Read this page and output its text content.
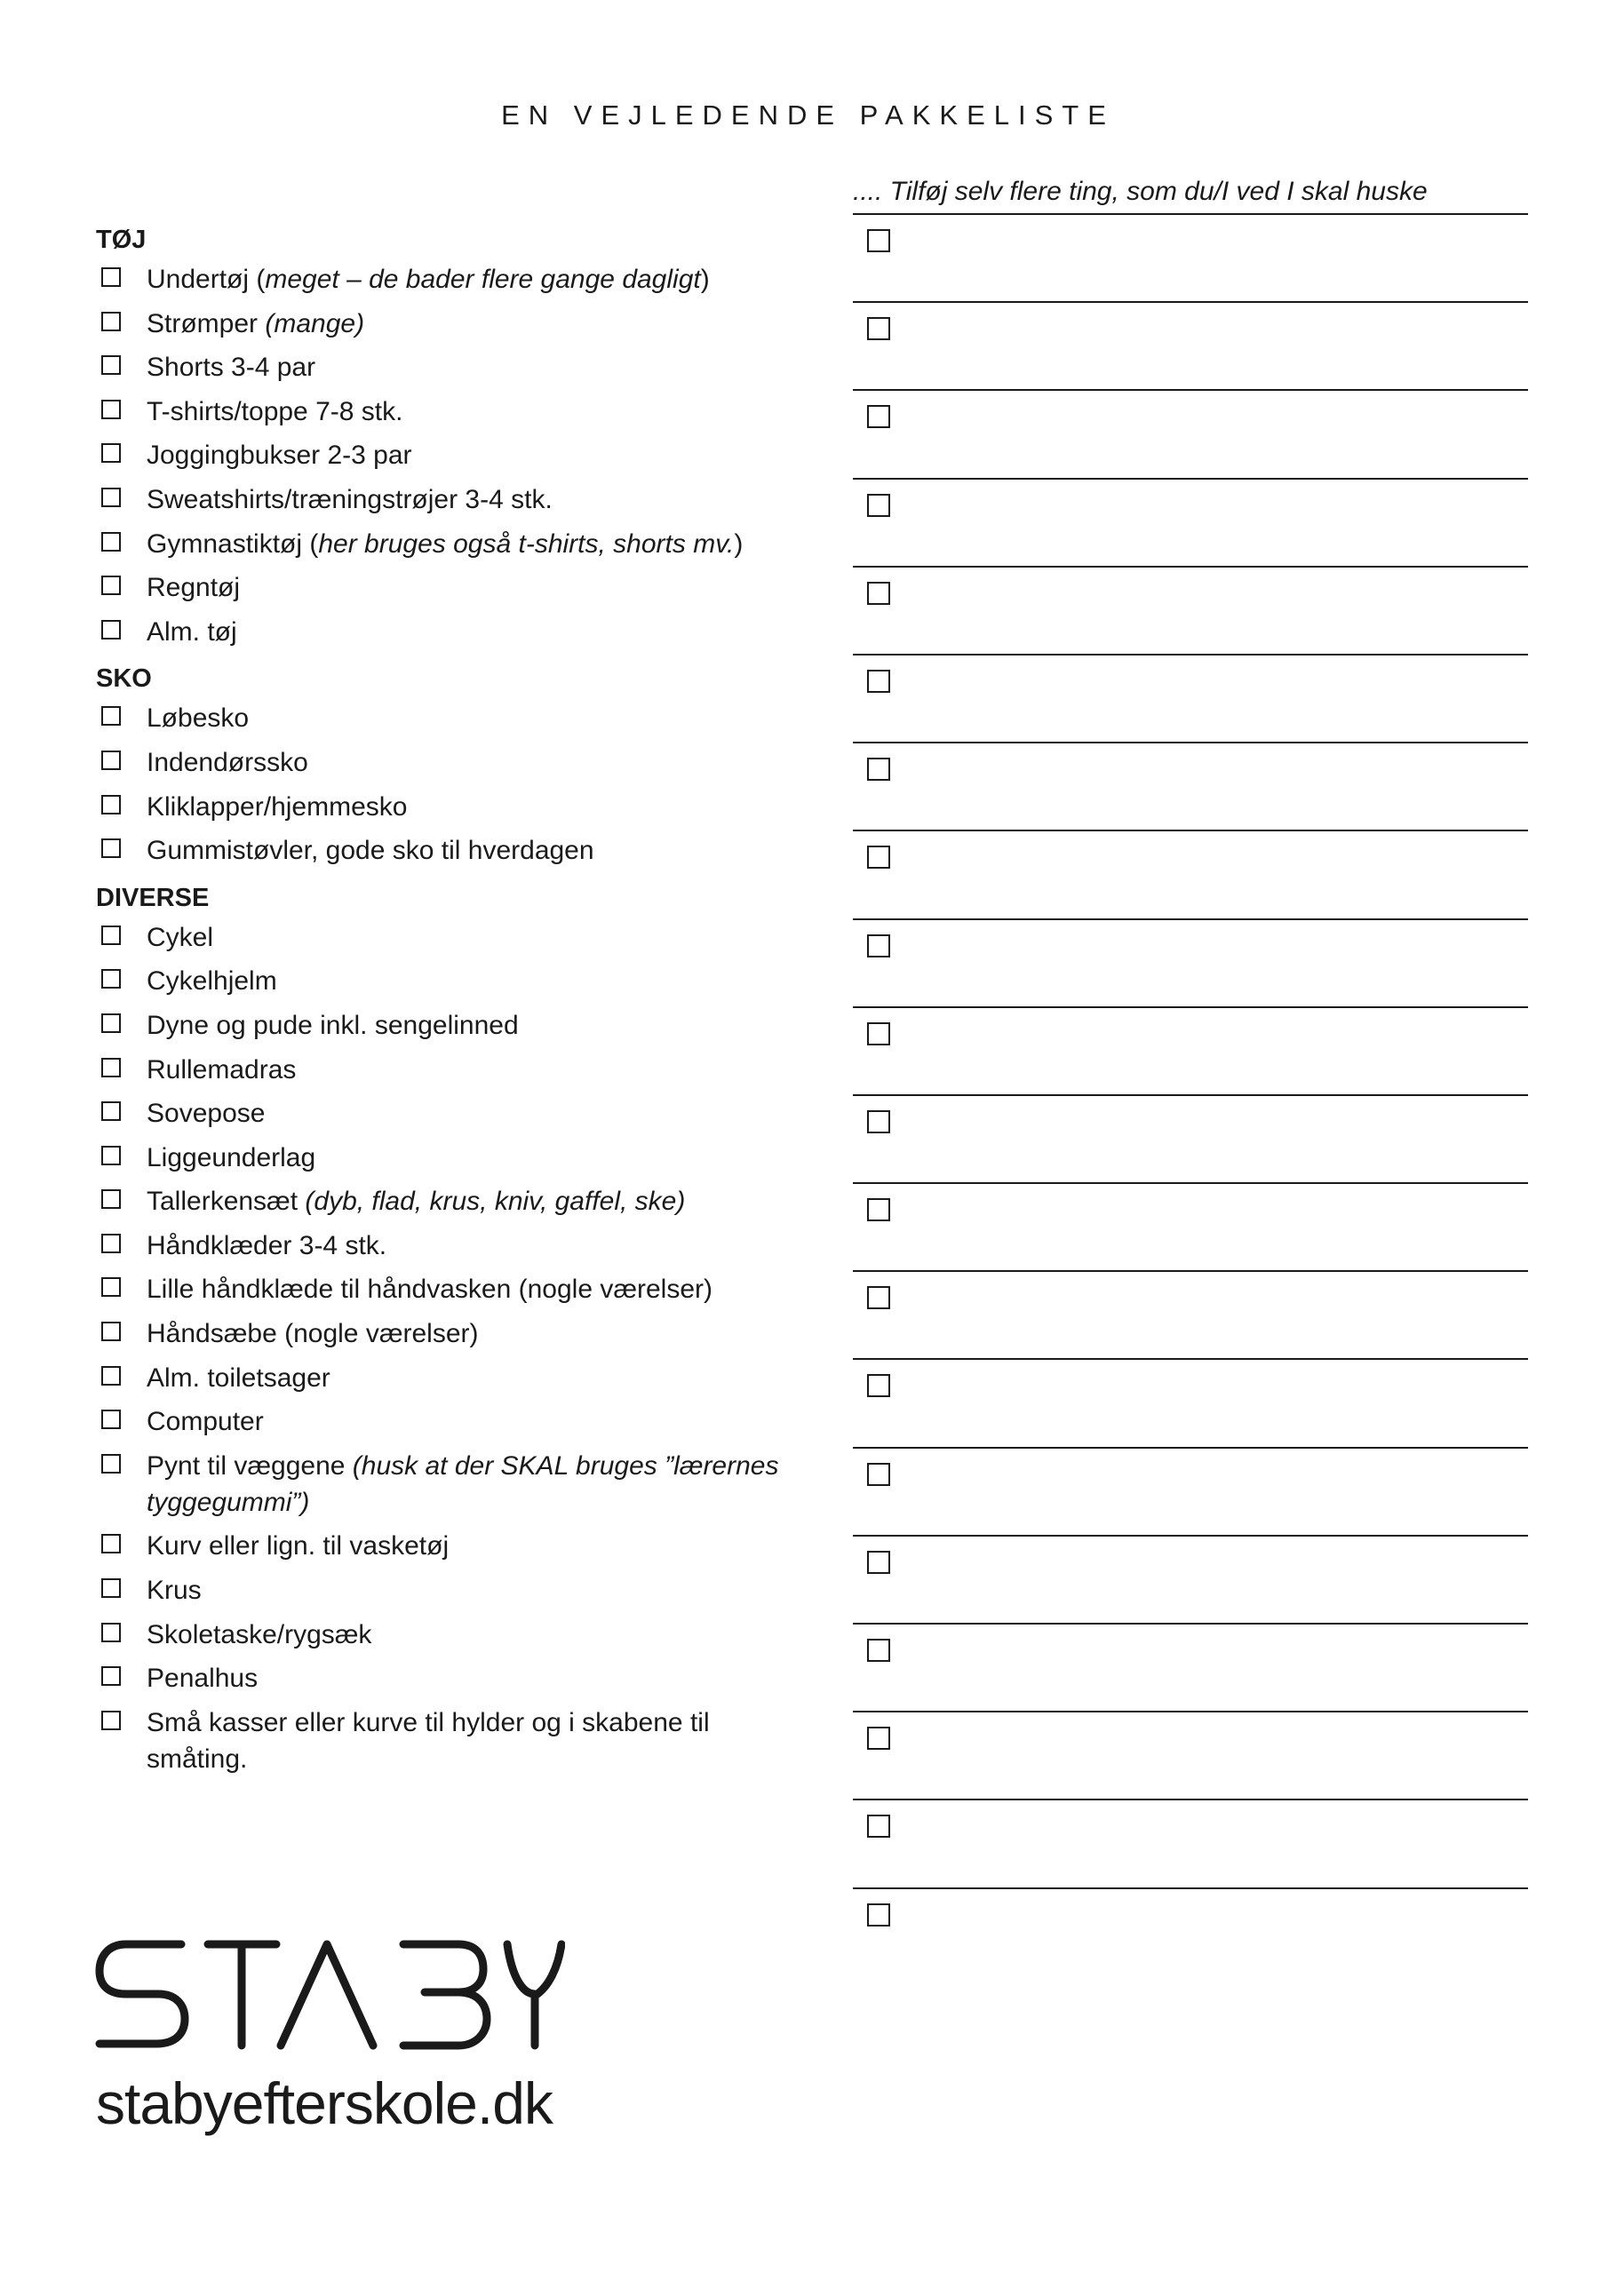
EN VEJLEDENDE PAKKELISTE
TØJ
Undertøj (meget – de bader flere gange dagligt)
Strømper (mange)
Shorts 3-4 par
T-shirts/toppe 7-8 stk.
Joggingbukser 2-3 par
Sweatshirts/træningstrøjer 3-4 stk.
Gymnastiktøj (her bruges også t-shirts, shorts mv.)
Regntøj
Alm. tøj
SKO
Løbesko
Indendørssko
Kliklapper/hjemmesko
Gummistøvler, gode sko til hverdagen
DIVERSE
Cykel
Cykelhjelm
Dyne og pude inkl. sengelinned
Rullemadras
Sovepose
Liggeunderlag
Tallerkensæt (dyb, flad, krus, kniv, gaffel, ske)
Håndklæder 3-4 stk.
Lille håndklæde til håndvasken (nogle værelser)
Håndsæbe (nogle værelser)
Alm. toiletsager
Computer
Pynt til væggene (husk at der SKAL bruges ”lærernes tyggegummi”)
Kurv eller lign. til vasketøj
Krus
Skoletaske/rygsæk
Penalhus
Små kasser eller kurve til hylder og i skabene til småting.
.... Tilføj selv flere ting, som du/I ved I skal huske
stabyefterskole.dk
